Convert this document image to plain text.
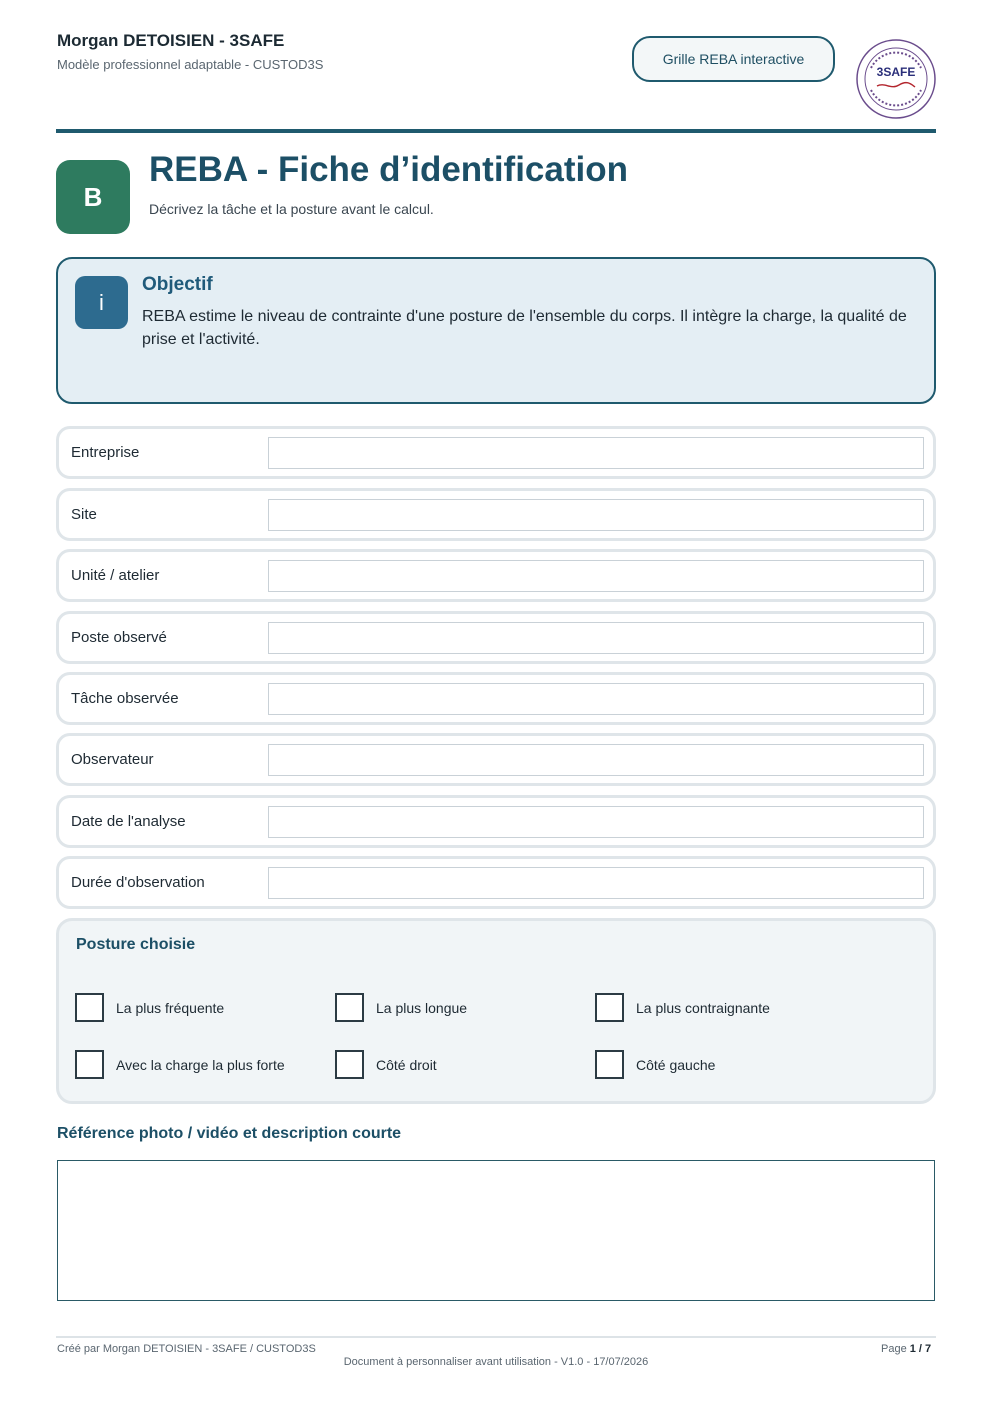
Morgan DETOISIEN - 3SAFE
Modèle professionnel adaptable - CUSTOD3S	Grille REBA interactive
3SAFE
B
REBA - Fiche d’identification
Décrivez la tâche et la posture avant le calcul.
i
Objectif
REBA estime le niveau de contrainte d'une posture de l'ensemble du corps. Il intègre la charge, la qualité de prise et l'activité.
Entreprise
Site
Unité / atelier
Poste observé
Tâche observée
Observateur
Date de l'analyse
Durée d'observation
Posture choisie
La plus fréquente	La plus longue	La plus contraignante
Avec la charge la plus forte	Côté droit	Côté gauche
Référence photo / vidéo et description courte
Créé par Morgan DETOISIEN - 3SAFE / CUSTOD3S	Page 1 / 7
Document à personnaliser avant utilisation - V1.0 - 17/07/2026
